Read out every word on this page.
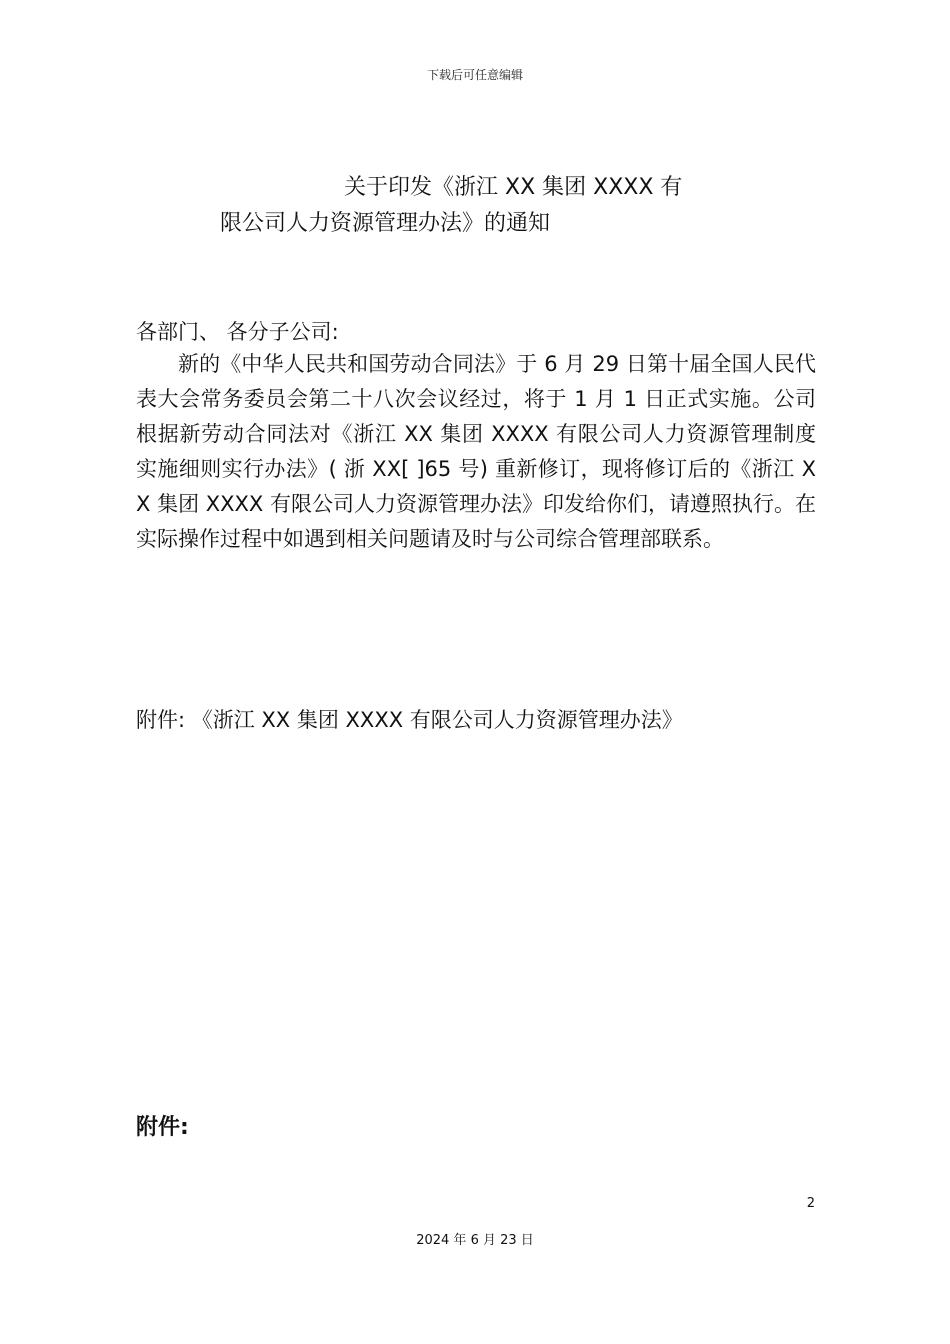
下载后可任意编辑
关于印发《浙江 XX 集团 XXXX 有
限公司人力资源管理办法》的通知
各部门、 各分子公司:
新的《中华人民共和国劳动合同法》于 6 月 29 日第十届全国人民代表大会常务委员会第二十八次会议经过，将于 1 月 1 日正式实施。公司根据新劳动合同法对《浙江 XX 集团 XXXX 有限公司人力资源管理制度实施细则实行办法》( 浙 XX[ ]65 号) 重新修订，现将修订后的《浙江 XX 集团 XXXX 有限公司人力资源管理办法》印发给你们，请遵照执行。在实际操作过程中如遇到相关问题请及时与公司综合管理部联系。
附件: 《浙江 XX 集团 XXXX 有限公司人力资源管理办法》
附件:
2
2024 年 6 月 23 日
